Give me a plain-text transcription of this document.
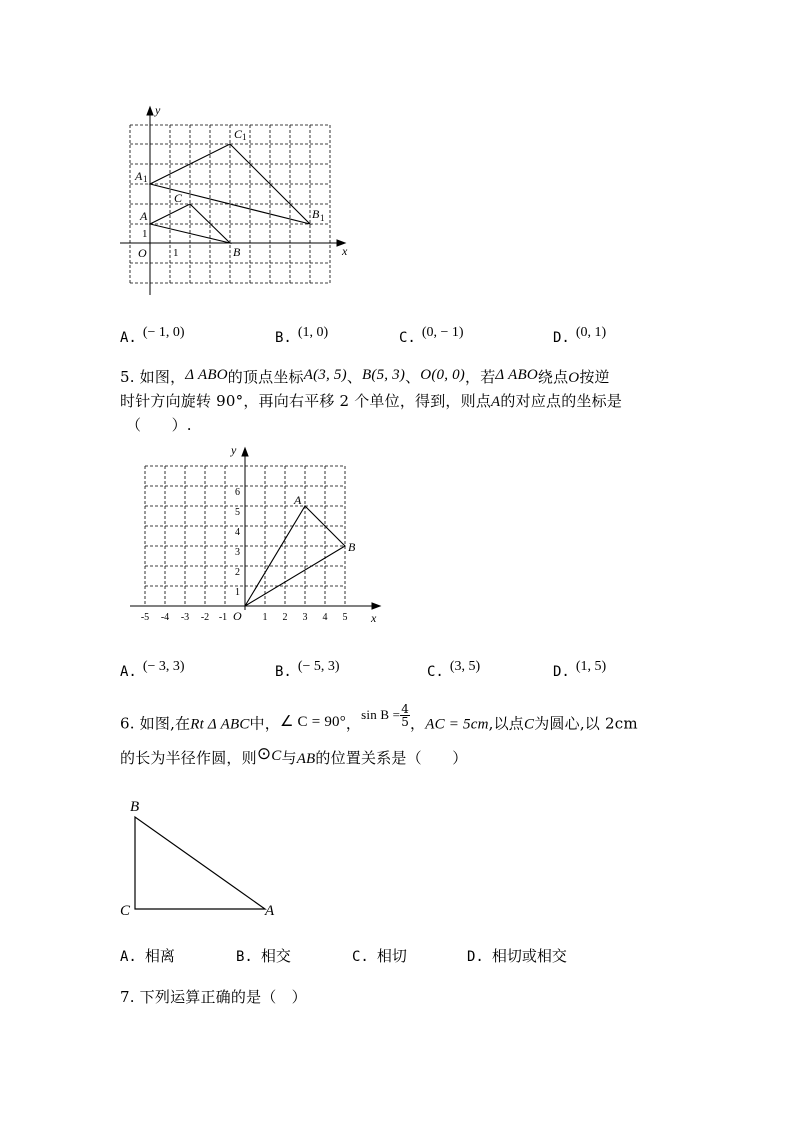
x
y
O
A
B
C
A
B
C
1
1
1
1
1
A. (− 1, 0)	B. (1, 0)	C. (0, − 1)	D. (0, 1)
5. 如图，Δ ABO的顶点坐标A(3, 5)、B(5, 3)、O(0, 0)，若Δ ABO绕点O按逆
时针方向旋转 90°，再向右平移 2 个单位，得到，则点A的对应点的坐标是
（　　）.
x
y
O
A
B
-5 -4 -3 -2 -1	1 2 3 4 5
1
2
3
4
5
6
A. (− 3, 3)	B. (− 5, 3)	C. (3, 5)	D. (1, 5)
6. 如图,在Rt Δ ABC中，∠ C = 90°，$\sin B = \frac{4}{5}$ ，AC = 5cm,以点C为圆心,以 2cm
的长为半径作圆，则⊙C与AB的位置关系是（　　）
B
C	A
A. 相离	B. 相交	C. 相切	D. 相切或相交
7. 下列运算正确的是（　）
